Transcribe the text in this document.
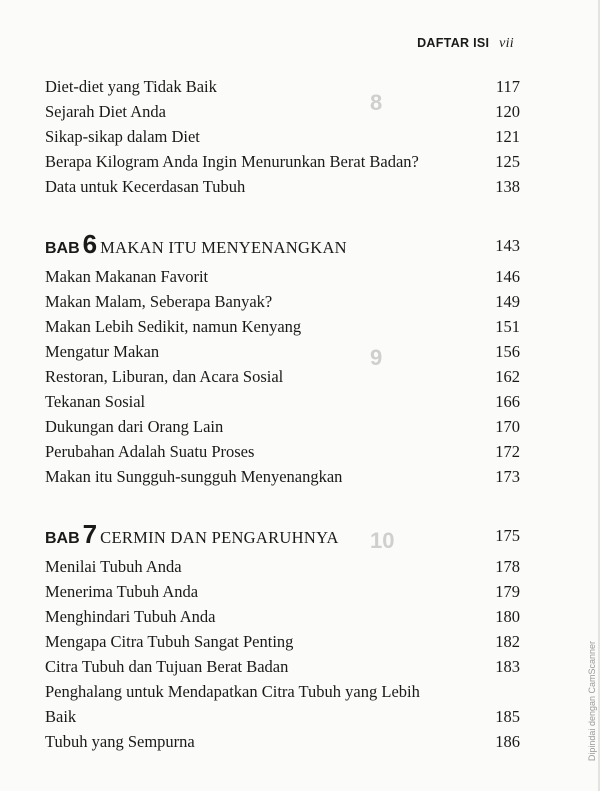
8
9
10
DAFTAR ISI vii
Diet-diet yang Tidak Baik	117
Sejarah Diet Anda	120
Sikap-sikap dalam Diet	121
Berapa Kilogram Anda Ingin Menurunkan Berat Badan?	125
Data untuk Kecerdasan Tubuh	138
BAB 6 MAKAN ITU MENYENANGKAN	143
Makan Makanan Favorit	146
Makan Malam, Seberapa Banyak?	149
Makan Lebih Sedikit, namun Kenyang	151
Mengatur Makan	156
Restoran, Liburan, dan Acara Sosial	162
Tekanan Sosial	166
Dukungan dari Orang Lain	170
Perubahan Adalah Suatu Proses	172
Makan itu Sungguh-sungguh Menyenangkan	173
BAB 7 CERMIN DAN PENGARUHNYA	175
Menilai Tubuh Anda	178
Menerima Tubuh Anda	179
Menghindari Tubuh Anda	180
Mengapa Citra Tubuh Sangat Penting	182
Citra Tubuh dan Tujuan Berat Badan	183
Penghalang untuk Mendapatkan Citra Tubuh yang Lebih Baik	185
Tubuh yang Sempurna	186	Dipindai dengan CamScanner
